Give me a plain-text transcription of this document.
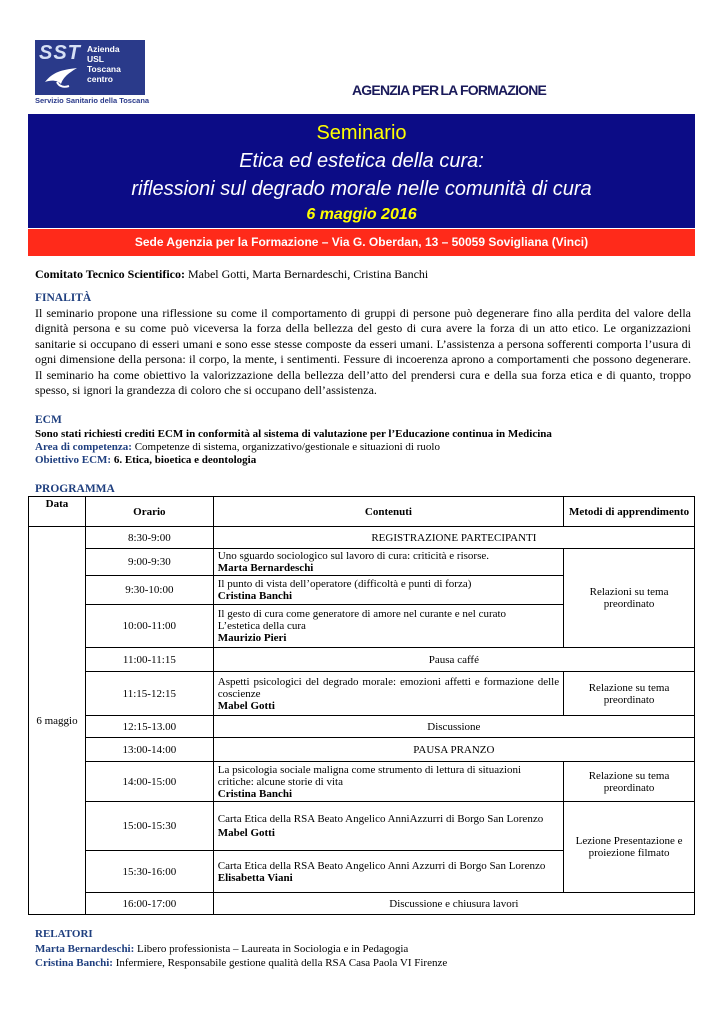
SST Azienda
USL
Toscana
centro
Servizio Sanitario della Toscana
AGENZIA PER LA FORMAZIONE
Seminario
Etica ed estetica della cura:
riflessioni sul degrado morale nelle comunità di cura
6 maggio 2016
Sede Agenzia per la Formazione – Via G. Oberdan, 13 – 50059 Sovigliana (Vinci)
Comitato Tecnico Scientifico: Mabel Gotti, Marta Bernardeschi, Cristina Banchi
FINALITÀ
Il seminario propone una riflessione su come il comportamento di gruppi di persone può degenerare fino alla perdita del valore della dignità persona e su come può viceversa la forza della bellezza del gesto di cura avere la forza di un atto etico. Le organizzazioni sanitarie si occupano di esseri umani e sono esse stesse composte da esseri umani. L’assistenza a persona sofferenti comporta l’usura di ogni dimensione della persona: il corpo, la mente, i sentimenti. Fessure di incoerenza aprono a comportamenti che possono degenerare. Il seminario ha come obiettivo la valorizzazione della bellezza dell’atto del prendersi cura e della sua forza etica e di quanto, troppo spesso, si ignori la grandezza di coloro che si occupano dell’assistenza.
ECM
Sono stati richiesti crediti ECM in conformità al sistema di valutazione per l’Educazione continua in Medicina
Area di competenza: Competenze di sistema, organizzativo/gestionale e situazioni di ruolo
Obiettivo ECM: 6. Etica, bioetica e deontologia
PROGRAMMA
Data	Orario	Contenuti	Metodi di apprendimento
6 maggio	8:30-9:00	REGISTRAZIONE PARTECIPANTI	
	9:00-9:30	Uno sguardo sociologico sul lavoro di cura: criticità e risorse.
Marta Bernardeschi	Relazioni su tema preordinato
	9:30-10:00	Il punto di vista dell’operatore (difficoltà e punti di forza)
Cristina Banchi	

	10:00-11:00	Il gesto di cura come generatore di amore nel curante e nel curato
L’estetica della cura
Maurizio Pieri	

	11:00-11:15	Pausa caffé	
	11:15-12:15	Aspetti psicologici del degrado morale: emozioni affetti e formazione delle coscienze
Mabel Gotti	Relazione su tema preordinato
	12:15-13.00	Discussione	
	13:00-14:00	PAUSA PRANZO	
	14:00-15:00	La psicologia sociale maligna come strumento di lettura di situazioni critiche: alcune storie di vita
Cristina Banchi	Relazione su tema preordinato
	15:00-15:30	Carta Etica della RSA Beato Angelico AnniAzzurri di Borgo San Lorenzo
Mabel Gotti	Lezione Presentazione e proiezione filmato
	15:30-16:00	Carta Etica della RSA Beato Angelico Anni Azzurri di Borgo San Lorenzo
Elisabetta Viani	

	16:00-17:00	Discussione e chiusura lavori	
RELATORI
Marta Bernardeschi: Libero professionista – Laureata in Sociologia e in Pedagogia
Cristina Banchi: Infermiere, Responsabile gestione qualità della RSA Casa Paola VI Firenze
